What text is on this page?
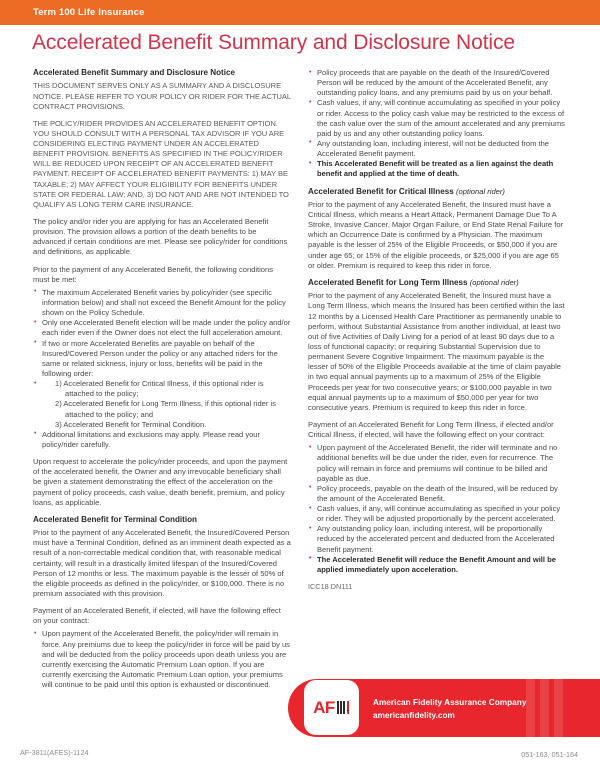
Term 100 Life Insurance
Accelerated Benefit Summary and Disclosure Notice
Accelerated Benefit Summary and Disclosure Notice

THIS DOCUMENT SERVES ONLY AS A SUMMARY AND A DISCLOSURE NOTICE. PLEASE REFER TO YOUR POLICY OR RIDER FOR THE ACTUAL CONTRACT PROVISIONS.

THE POLICY/RIDER PROVIDES AN ACCELERATED BENEFIT OPTION. YOU SHOULD CONSULT WITH A PERSONAL TAX ADVISOR IF YOU ARE CONSIDERING ELECTING PAYMENT UNDER AN ACCELERATED BENEFIT PROVISION. BENEFITS AS SPECIFIED IN THE POLICY/RIDER WILL BE REDUCED UPON RECEIPT OF AN ACCELERATED BENEFIT PAYMENT. RECEIPT OF ACCELERATED BENEFIT PAYMENTS: 1) MAY BE TAXABLE; 2) MAY AFFECT YOUR ELIGIBILITY FOR BENEFITS UNDER STATE OR FEDERAL LAW; AND, 3) DO NOT AND ARE NOT INTENDED TO QUALIFY AS LONG TERM CARE INSURANCE.

The policy and/or rider you are applying for has an Accelerated Benefit provision. The provision allows a portion of the death benefits to be advanced if certain conditions are met. Please see policy/rider for conditions and definitions, as applicable.

Prior to the payment of any Accelerated Benefit, the following conditions must be met:

• The maximum Accelerated Benefit varies by policy/rider (see specific information below) and shall not exceed the Benefit Amount for the policy shown on the Policy Schedule.
• Only one Accelerated Benefit election will be made under the policy and/or each rider even if the Owner does not elect the full acceleration amount.
• If two or more Accelerated Benefits are payable on behalf of the Insured/Covered Person under the policy or any attached riders for the same or related sickness, injury or loss, benefits will be paid in the following order:
• 1) Accelerated Benefit for Critical Illness, if this optional rider is attached to the policy;
2) Accelerated Benefit for Long Term Illness, if this optional rider is attached to the policy; and
3) Accelerated Benefit for Terminal Condition.
• Additional limitations and exclusions may apply. Please read your policy/rider carefully.

Upon request to accelerate the policy/rider proceeds, and upon the payment of the accelerated benefit, the Owner and any irrevocable beneficiary shall be given a statement demonstrating the effect of the acceleration on the payment of policy proceeds, cash value, death benefit, premium, and policy loans, as applicable.

Accelerated Benefit for Terminal Condition

Prior to the payment of any Accelerated Benefit, the Insured/Covered Person must have a Terminal Condition, defined as an imminent death expected as a result of a non-correctable medical condition that, with reasonable medical certainty, will result in a drastically limited lifespan of the Insured/Covered Person of 12 months or less. The maximum payable is the lesser of 50% of the eligible proceeds as defined in the policy/rider, or $100,000. There is no premium associated with this provision.

Payment of an Accelerated Benefit, if elected, will have the following effect on your contract:

• Upon payment of the Accelerated Benefit, the policy/rider will remain in force. Any premiums due to keep the policy/rider in force will be paid by us and will be deducted from the policy proceeds upon death unless you are currently exercising the Automatic Premium Loan option. If you are currently exercising the Automatic Premium Loan option, your premiums will continue to be paid until this option is exhausted or discontinued.
• Policy proceeds that are payable on the death of the Insured/Covered Person will be reduced by the amount of the Accelerated Benefit, any outstanding policy loans, and any premiums paid by us on your behalf.
• Cash values, if any, will continue accumulating as specified in your policy or rider. Access to the policy cash value may be restricted to the excess of the cash value over the sum of the amount accelerated and any premiums paid by us and any other outstanding policy loans.
• Any outstanding loan, including interest, will not be deducted from the Accelerated Benefit payment.
• This Accelerated Benefit will be treated as a lien against the death benefit and applied at the time of death.
Accelerated Benefit for Critical Illness (optional rider)

Prior to the payment of any Accelerated Benefit, the Insured must have a Critical Illness, which means a Heart Attack, Permanent Damage Due To A Stroke, Invasive Cancer, Major Organ Failure, or End State Renal Failure for which an Occurrence Date is confirmed by a Physician. The maximum payable is the lesser of 25% of the Eligible Proceeds, or $50,000 if you are under age 65; or 15% of the eligible proceeds, or $25,000 if you are age 65 or older. Premium is required to keep this rider in force.

Accelerated Benefit for Long Term Illness (optional rider)

Prior to the payment of any Accelerated Benefit, the Insured must have a Long Term Illness, which means the Insured has been certified within the last 12 months by a Licensed Health Care Practitioner as permanently unable to perform, without Substantial Assistance from another individual, at least two out of five Activities of Daily Living for a period of at least 90 days due to a loss of functional capacity; or requiring Substantial Supervision due to permanent Severe Cognitive Impairment. The maximum payable is the lesser of 50% of the Eligible Proceeds available at the time of claim payable in two equal annual payments up to a maximum of 25% of the Eligible Proceeds per year for two consecutive years; or $100,000 payable in two equal annual payments up to a maximum of $50,000 per year for two consecutive years. Premium is required to keep this rider in force.

Payment of an Accelerated Benefit for Long Term Illness, if elected and/or Critical Illness, if elected, will have the following effect on your contract:

• Upon payment of the Accelerated Benefit, the rider will terminate and no additional benefits will be due under the rider, even for recurrence. The policy will remain in force and premiums will continue to be billed and payable as due.
• Policy proceeds, payable on the death of the Insured, will be reduced by the amount of the Accelerated Benefit.
• Cash values, if any, will continue accumulating as specified in your policy or rider. They will be adjusted proportionally by the percent accelerated.
• Any outstanding policy loan, including interest, will be proportionally reduced by the accelerated percent and deducted from the Accelerated Benefit payment.
• The Accelerated Benefit will reduce the Benefit Amount and will be applied immediately upon acceleration.

ICC18 DN111

AF	American Fidelity Assurance Company
americanfidelity.com
AF-3811(AFES)-1124	051-163, 051-164
